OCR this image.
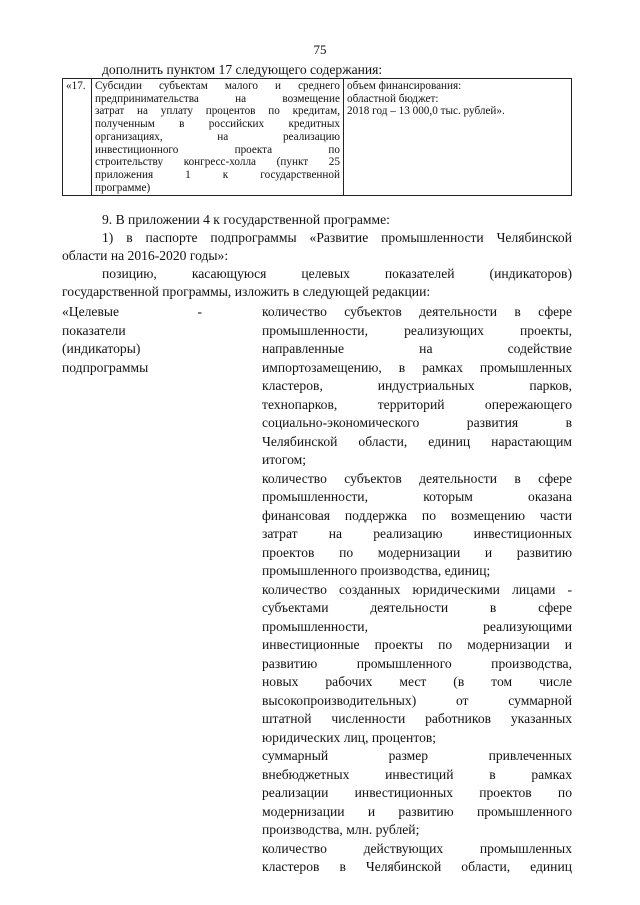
75
дополнить пунктом 17 следующего содержания:
«17.	Субсидии субъектам малого и среднего
предпринимательства на возмещение
затрат на уплату процентов по кредитам,
полученным в российских кредитных
организациях, на реализацию
инвестиционного проекта по
строительству конгресс-холла (пункт 25
приложения 1 к государственной
программе)

объем финансирования:
областной бюджет:
2018 год – 13 000,0 тыс. рублей».
9. В приложении 4 к государственной программе:
1) в паспорте подпрограммы «Развитие промышленности Челябинской
области на 2016-2020 годы»:
позицию, касающуюся целевых показателей (индикаторов)
государственной программы, изложить в следующей редакции:
«Целевые	-
показатели
(индикаторы)
подпрограммы
количество субъектов деятельности в сфере
промышленности, реализующих проекты,
направленные на содействие
импортозамещению, в рамках промышленных
кластеров, индустриальных парков,
технопарков, территорий опережающего
социально-экономического развития в
Челябинской области, единиц нарастающим
итогом;
количество субъектов деятельности в сфере
промышленности, которым оказана
финансовая поддержка по возмещению части
затрат на реализацию инвестиционных
проектов по модернизации и развитию
промышленного производства, единиц;
количество созданных юридическими лицами -
субъектами деятельности в сфере
промышленности, реализующими
инвестиционные проекты по модернизации и
развитию промышленного производства,
новых рабочих мест (в том числе
высокопроизводительных) от суммарной
штатной численности работников указанных
юридических лиц, процентов;
суммарный размер привлеченных
внебюджетных инвестиций в рамках
реализации инвестиционных проектов по
модернизации и развитию промышленного
производства, млн. рублей;
количество действующих промышленных
кластеров в Челябинской области, единиц
